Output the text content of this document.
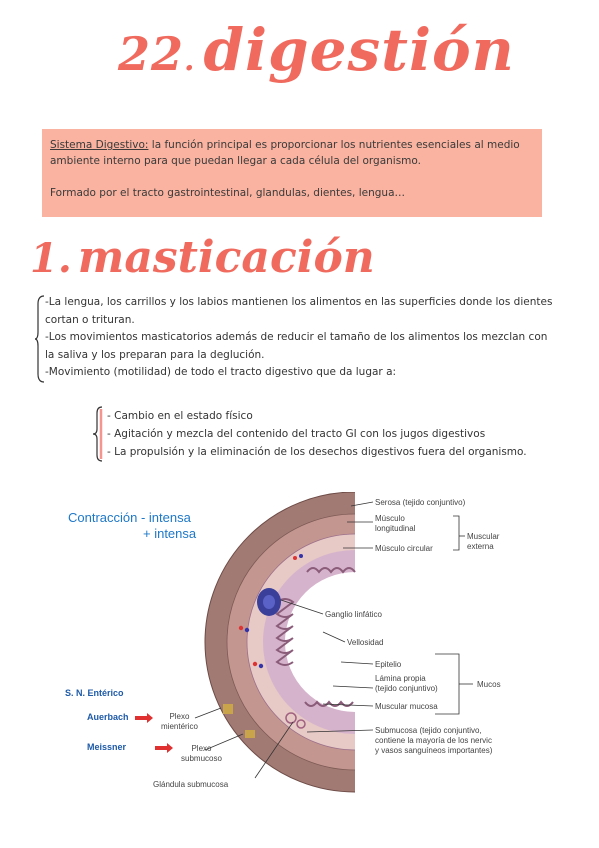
22. digestión

Sistema Digestivo: la función principal es proporcionar los nutrientes esenciales al medio ambiente interno para que puedan llegar a cada célula del organismo.

Formado por el tracto gastrointestinal, glandulas, dientes, lengua…

1. masticación

-La lengua, los carrillos y los labios mantienen los alimentos en las superficies donde los dientes cortan o trituran.

-Los movimientos masticatorios además de reducir el tamaño de los alimentos los mezclan con la saliva y los preparan para la deglución.

-Movimiento (motilidad) de todo el tracto digestivo que da lugar a:

- Cambio en el estado físico

- Agitación y mezcla del contenido del tracto GI con los jugos digestivos

- La propulsión y la eliminación de los desechos digestivos fuera del organismo.

Contracción - intensa
+ intensa
S. N. Entérico
Auerbach
Meissner
Plexo
mientérico
Plexo
submucoso
Glándula submucosa
Serosa (tejido conjuntivo)
Músculo
longitudinal
Músculo circular
Muscular
externa
Ganglio linfático
Vellosidad
Epitelio
Lámina propia
(tejido conjuntivo)
Muscular mucosa
Mucos
Submucosa (tejido conjuntivo,
contiene la mayoría de los nervic
y vasos sanguíneos importantes)
